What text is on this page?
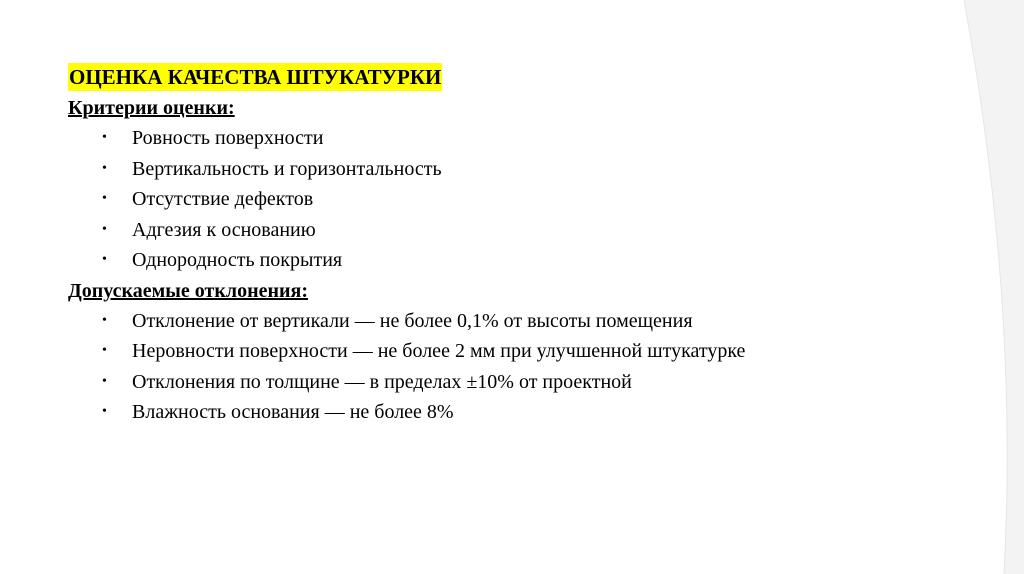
ОЦЕНКА КАЧЕСТВА ШТУКАТУРКИ
Критерии оценки:
• Ровность поверхности
• Вертикальность и горизонтальность
• Отсутствие дефектов
• Адгезия к основанию
• Однородность покрытия
Допускаемые отклонения:
• Отклонение от вертикали — не более 0,1% от высоты помещения
• Неровности поверхности — не более 2 мм при улучшенной штукатурке
• Отклонения по толщине — в пределах ±10% от проектной
• Влажность основания — не более 8%
